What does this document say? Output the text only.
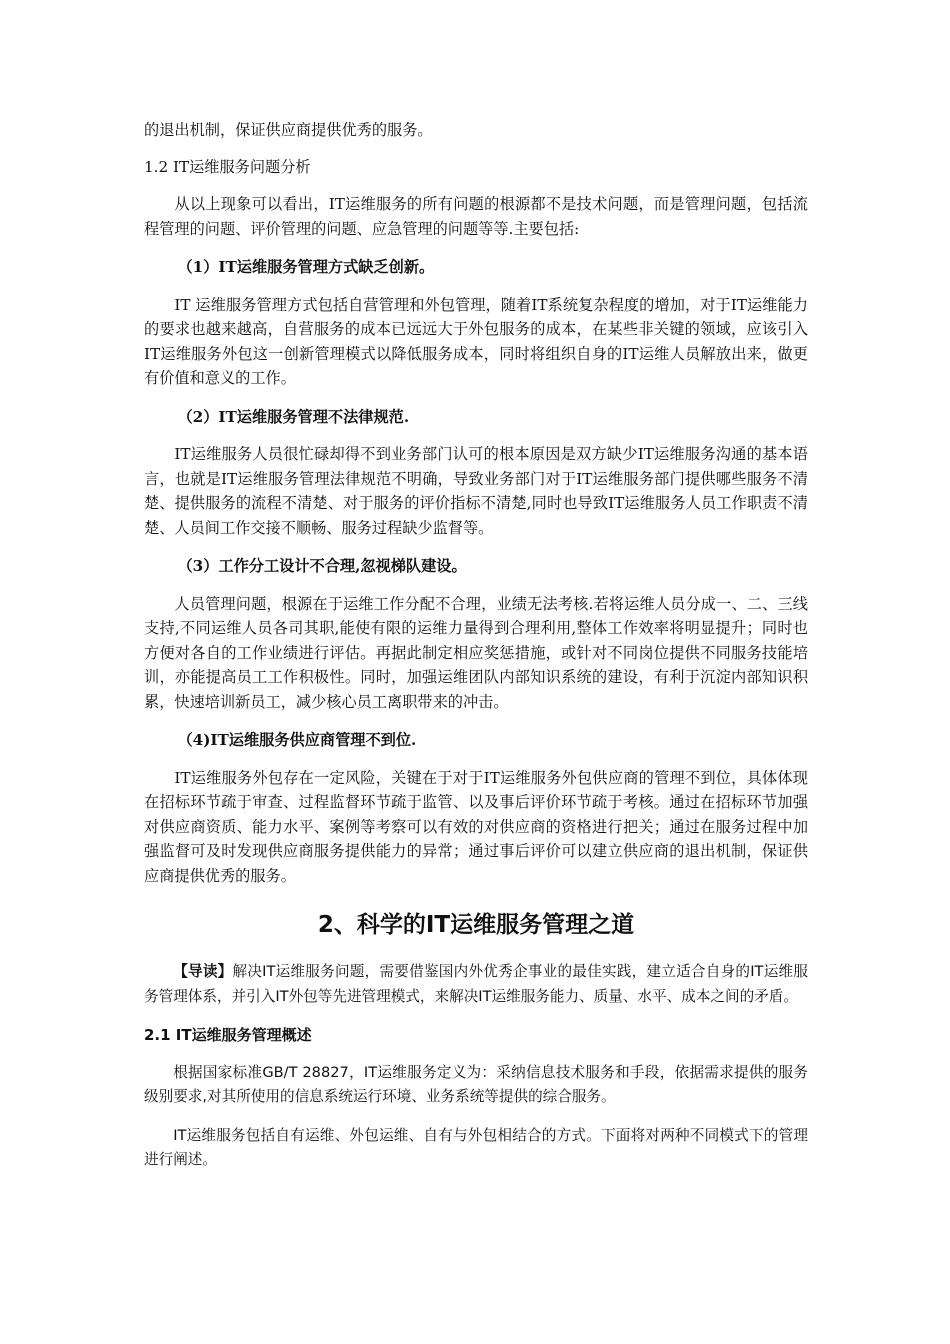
的退出机制，保证供应商提供优秀的服务。

1.2 IT运维服务问题分析

从以上现象可以看出，IT运维服务的所有问题的根源都不是技术问题，而是管理问题，包括流程管理的问题、评价管理的问题、应急管理的问题等等.主要包括:

（1）IT运维服务管理方式缺乏创新。

IT 运维服务管理方式包括自营管理和外包管理，随着IT系统复杂程度的增加，对于IT运维能力的要求也越来越高，自营服务的成本已远远大于外包服务的成本，在某些非关键的领域，应该引入IT运维服务外包这一创新管理模式以降低服务成本，同时将组织自身的IT运维人员解放出来，做更有价值和意义的工作。

（2）IT运维服务管理不法律规范.

IT运维服务人员很忙碌却得不到业务部门认可的根本原因是双方缺少IT运维服务沟通的基本语言，也就是IT运维服务管理法律规范不明确，导致业务部门对于IT运维服务部门提供哪些服务不清楚、提供服务的流程不清楚、对于服务的评价指标不清楚,同时也导致IT运维服务人员工作职责不清楚、人员间工作交接不顺畅、服务过程缺少监督等。

（3）工作分工设计不合理,忽视梯队建设。

人员管理问题，根源在于运维工作分配不合理，业绩无法考核.若将运维人员分成一、二、三线支持,不同运维人员各司其职,能使有限的运维力量得到合理利用,整体工作效率将明显提升；同时也方便对各自的工作业绩进行评估。再据此制定相应奖惩措施，或针对不同岗位提供不同服务技能培训，亦能提高员工工作积极性。同时，加强运维团队内部知识系统的建设，有利于沉淀内部知识积累，快速培训新员工，减少核心员工离职带来的冲击。

（4)IT运维服务供应商管理不到位.

IT运维服务外包存在一定风险，关键在于对于IT运维服务外包供应商的管理不到位，具体体现在招标环节疏于审查、过程监督环节疏于监管、以及事后评价环节疏于考核。通过在招标环节加强对供应商资质、能力水平、案例等考察可以有效的对供应商的资格进行把关；通过在服务过程中加强监督可及时发现供应商服务提供能力的异常；通过事后评价可以建立供应商的退出机制，保证供应商提供优秀的服务。

2、科学的IT运维服务管理之道

【导读】解决IT运维服务问题，需要借鉴国内外优秀企事业的最佳实践，建立适合自身的IT运维服务管理体系，并引入IT外包等先进管理模式，来解决IT运维服务能力、质量、水平、成本之间的矛盾。

2.1 IT运维服务管理概述

根据国家标准GB/T 28827，IT运维服务定义为：采纳信息技术服务和手段，依据需求提供的服务级别要求,对其所使用的信息系统运行环境、业务系统等提供的综合服务。

IT运维服务包括自有运维、外包运维、自有与外包相结合的方式。下面将对两种不同模式下的管理进行阐述。
